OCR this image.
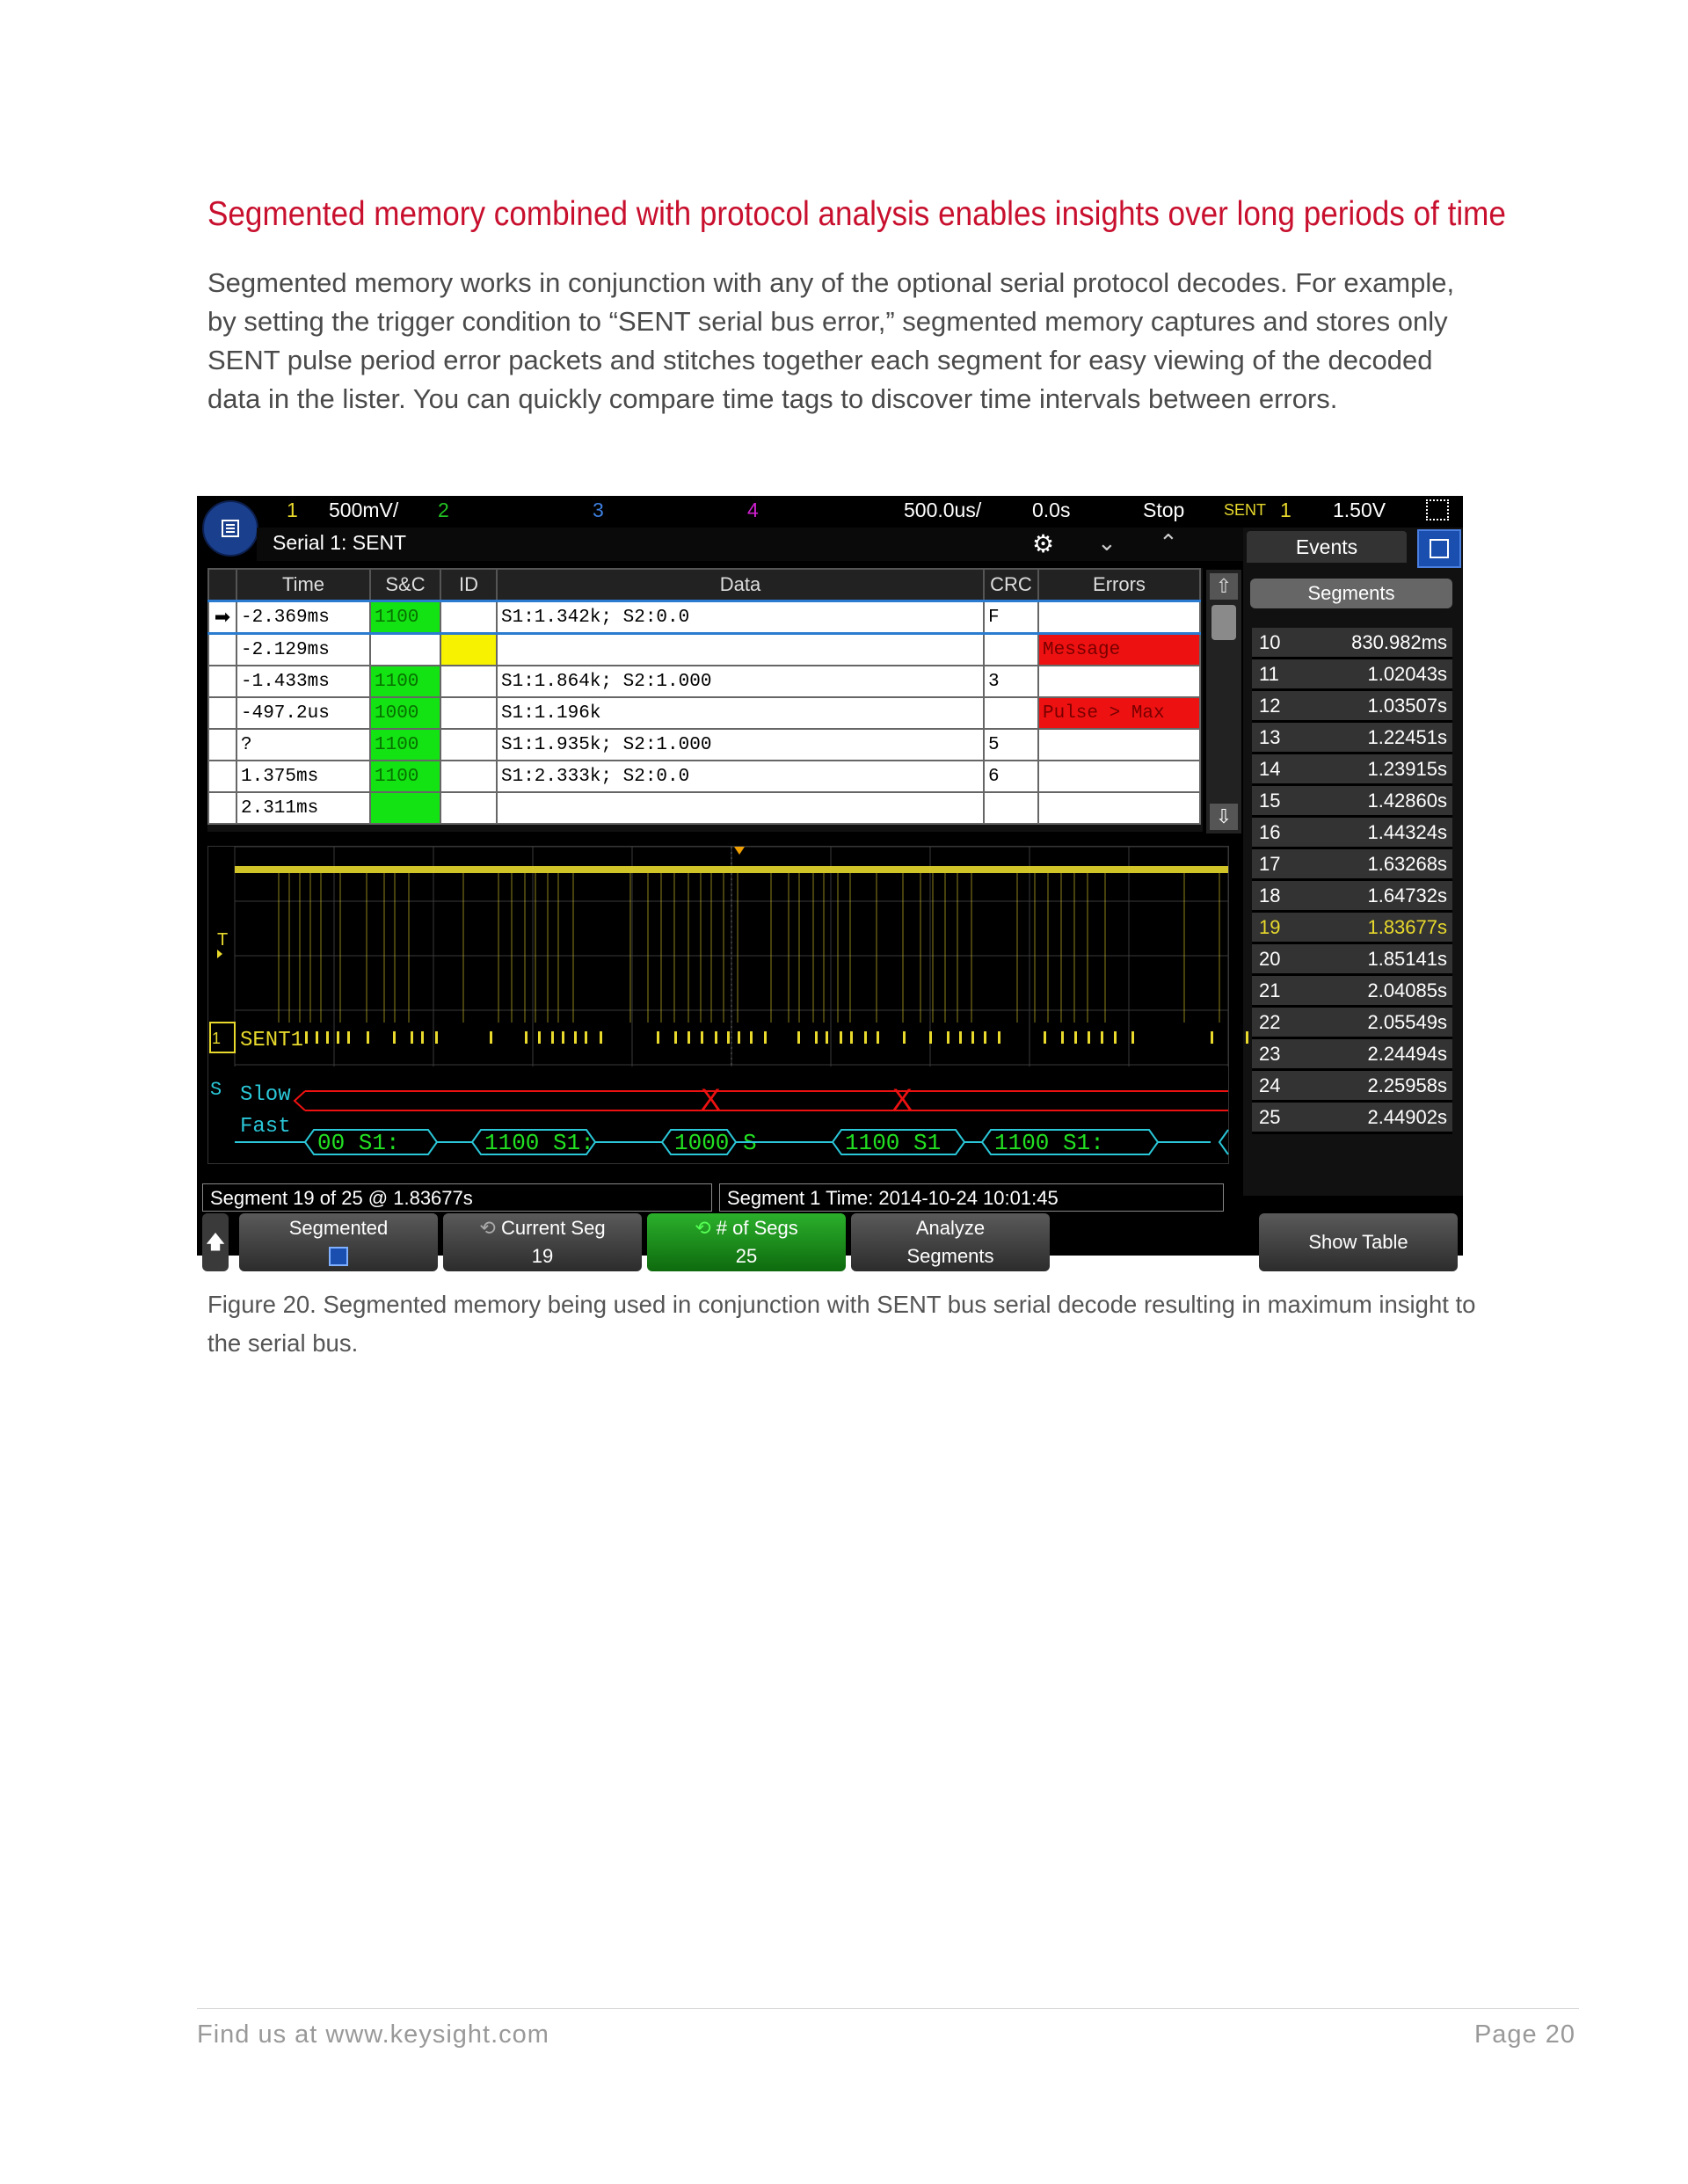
Segmented memory combined with protocol analysis enables insights over long periods of time
Segmented memory works in conjunction with any of the optional serial protocol decodes. For example, by setting the trigger condition to “SENT serial bus error,” segmented memory captures and stores only SENT pulse period error packets and stitches together each segment for easy viewing of the decoded data in the lister. You can quickly compare time tags to discover time intervals between errors.
1 500mV/ 2	3	4	500.0us/	0.0s	Stop SENT 1 1.50V
Serial 1: SENT	⚙ ⌄ ⌃
	Time	S&C	ID	Data	CRC	Errors
➡	-2.369ms	1100		S1:1.342k; S2:0.0	F	
	-2.129ms					Message
	-1.433ms	1100		S1:1.864k; S2:1.000	3	
	-497.2us	1000		S1:1.196k		Pulse > Max
	?	1100		S1:1.935k; S2:1.000	5	
	1.375ms	1100		S1:2.333k; S2:0.0	6	
	2.311ms					
⇧
⇩
Events
Segments
10	830.982ms
11	1.02043s
12	1.03507s
13	1.22451s
14	1.23915s
15	1.42860s
16	1.44324s
17	1.63268s
18	1.64732s
19	1.83677s
20	1.85141s
21	2.04085s
22	2.05549s
23	2.24494s
24	2.25958s
25	2.44902s
T
1 SENT1
S Slow
Fast
X	X
00 S1:	1100 S1:	1000 S	1100 S1 1100 S1:
Segment 19 of 25 @ 1.83677s	Segment 1 Time: 2014-10-24 10:01:45
🡅
Segmented	⟲ Current Seg
19
⟲ # of Segs
25
Analyze
Segments
Show Table
Figure 20. Segmented memory being used in conjunction with SENT bus serial decode resulting in maximum insight to the serial bus.
Find us at www.keysight.com	Page 20
